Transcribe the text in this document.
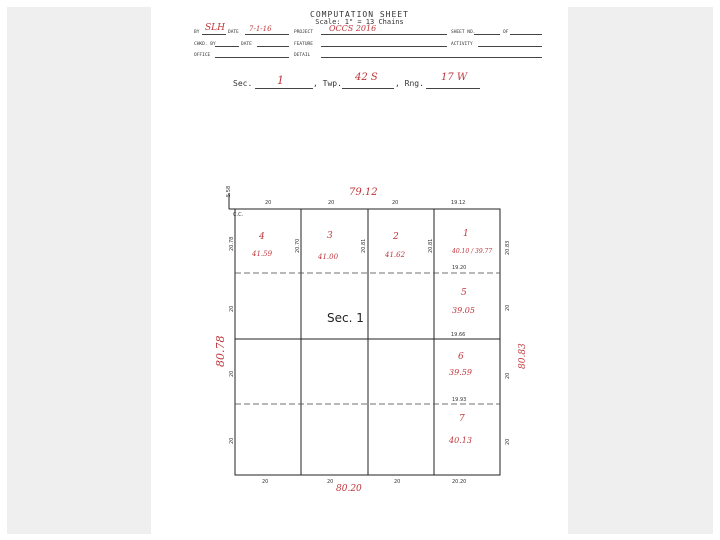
COMPUTATION SHEET
Scale: 1" = 13 Chains
BY SLH DATE 7-1-16	PROJECT OCCS 2016	SHEET NO.	OF
CHKD. BY	DATE	FEATURE	ACTIVITY
OFFICE	DETAIL
Sec. 1	, Twp.
42 S
, Rng.
17 W
5.58
C.C.
79.12
80.20
80.78	80.83
20	20	20	19.12
20	20	20	20.20
20.78
20
20
20
20.83
20
20
20
20.70	20.81	20.81
4
41.59
3
41.00
2
41.62
1
40.10 / 39.77
19.20
5
39.05
19.66
6
39.59
19.93
7
40.13
Sec. 1
